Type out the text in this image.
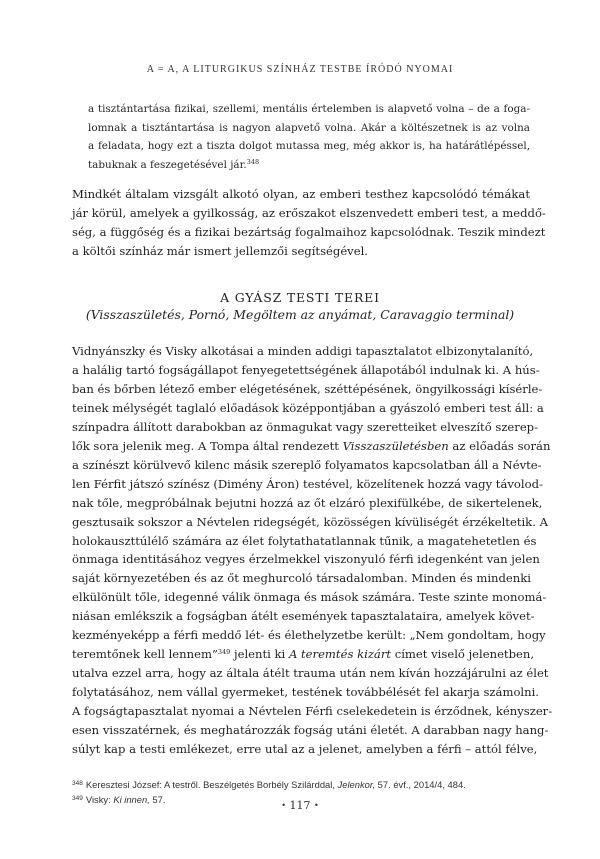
A = A, A LITURGIKUS SZÍNHÁZ TESTBE ÍRÓDÓ NYOMAI
a tisztántartása fizikai, szellemi, mentális értelemben is alapvető volna – de a foga-
lomnak a tisztántartása is nagyon alapvető volna. Akár a költészetnek is az volna
a feladata, hogy ezt a tiszta dolgot mutassa meg, még akkor is, ha határátlépéssel,
tabuknak a feszegetésével jár.$^{348}$
Mindkét általam vizsgált alkotó olyan, az emberi testhez kapcsolódó témákat
jár körül, amelyek a gyilkosság, az erőszakot elszenvedett emberi test, a meddő-
ség, a függőség és a fizikai bezártság fogalmaihoz kapcsolódnak. Teszik mindezt
a költői színház már ismert jellemzői segítségével.
A GYÁSZ TESTI TEREI
(Visszaszületés, Pornó, Megöltem az anyámat, Caravaggio terminal)
Vidnyánszky és Visky alkotásai a minden addigi tapasztalatot elbizonytalanító,
a halálig tartó fogságállapot fenyegetettségének állapotából indulnak ki. A hús-
ban és bőrben létező ember elégetésének, széttépésének, öngyilkossági kísérle-
teinek mélységét taglaló előadások középpontjában a gyászoló emberi test áll: a
színpadra állított darabokban az önmagukat vagy szeretteiket elveszítő szerep-
lők sora jelenik meg. A Tompa által rendezett Visszaszületésben az előadás során
a színészt körülvevő kilenc másik szereplő folyamatos kapcsolatban áll a Névte-
len Férfit játszó színész (Dimény Áron) testével, közelítenek hozzá vagy távolod-
nak tőle, megpróbálnak bejutni hozzá az őt elzáró plexifülkébe, de sikertelenek,
gesztusaik sokszor a Névtelen ridegségét, közösségen kívüliségét érzékeltetik. A
holokauszttúlélő számára az élet folytathatatlannak tűnik, a magatehetetlen és
önmaga identitásához vegyes érzelmekkel viszonyuló férfi idegenként van jelen
saját környezetében és az őt meghurcoló társadalomban. Minden és mindenki
elkülönült tőle, idegenné válik önmaga és mások számára. Teste szinte monomá-
niásan emlékszik a fogságban átélt események tapasztalataira, amelyek követ-
kezményeképp a férfi meddő lét- és élethelyzetbe került: „Nem gondoltam, hogy
teremtőnek kell lennem”$^{349}$ jelenti ki A teremtés kizárt címet viselő jelenetben,
utalva ezzel arra, hogy az általa átélt trauma után nem kíván hozzájárulni az élet
folytatásához, nem vállal gyermeket, testének továbbélését fel akarja számolni.
A fogságtapasztalat nyomai a Névtelen Férfi cselekedetein is érződnek, kényszer-
esen visszatérnek, és meghatározzák fogság utáni életét. A darabban nagy hang-
súlyt kap a testi emlékezet, erre utal az a jelenet, amelyben a férfi – attól félve,
$^{348}$ Keresztesi József: A testről. Beszélgetés Borbély Szilárddal, Jelenkor, 57. évf., 2014/4, 484.
$^{349}$ Visky: Ki innen, 57.
• 117 •
